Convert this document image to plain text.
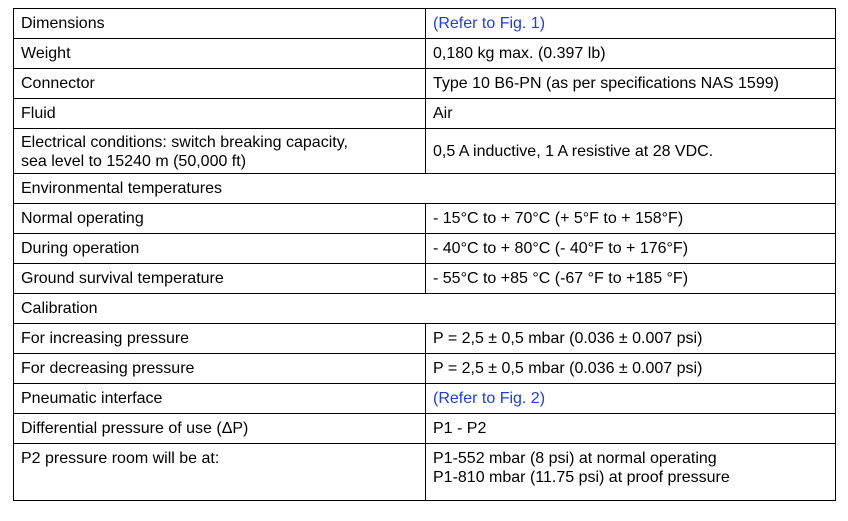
Dimensions	(Refer to Fig. 1)
Weight	0,180 kg max. (0.397 lb)
Connector	Type 10 B6-PN (as per specifications NAS 1599)
Fluid	Air

Electrical conditions: switch breaking capacity,
sea level to 15240 m (50,000 ft)	0,5 A inductive, 1 A resistive at 28 VDC.
Environmental temperatures	
Normal operating	- 15°C to + 70°C (+ 5°F to + 158°F)
During operation	- 40°C to + 80°C (- 40°F to + 176°F)
Ground survival temperature	- 55°C to +85 °C (-67 °F to +185 °F)
Calibration	
For increasing pressure	P = 2,5 ± 0,5 mbar (0.036 ± 0.007 psi)
For decreasing pressure	P = 2,5 ± 0,5 mbar (0.036 ± 0.007 psi)
Pneumatic interface	(Refer to Fig. 2)
Differential pressure of use (ΔP)	P1 - P2
P2 pressure room will be at:	P1-552 mbar (8 psi) at normal operating
P1-810 mbar (11.75 psi) at proof pressure
